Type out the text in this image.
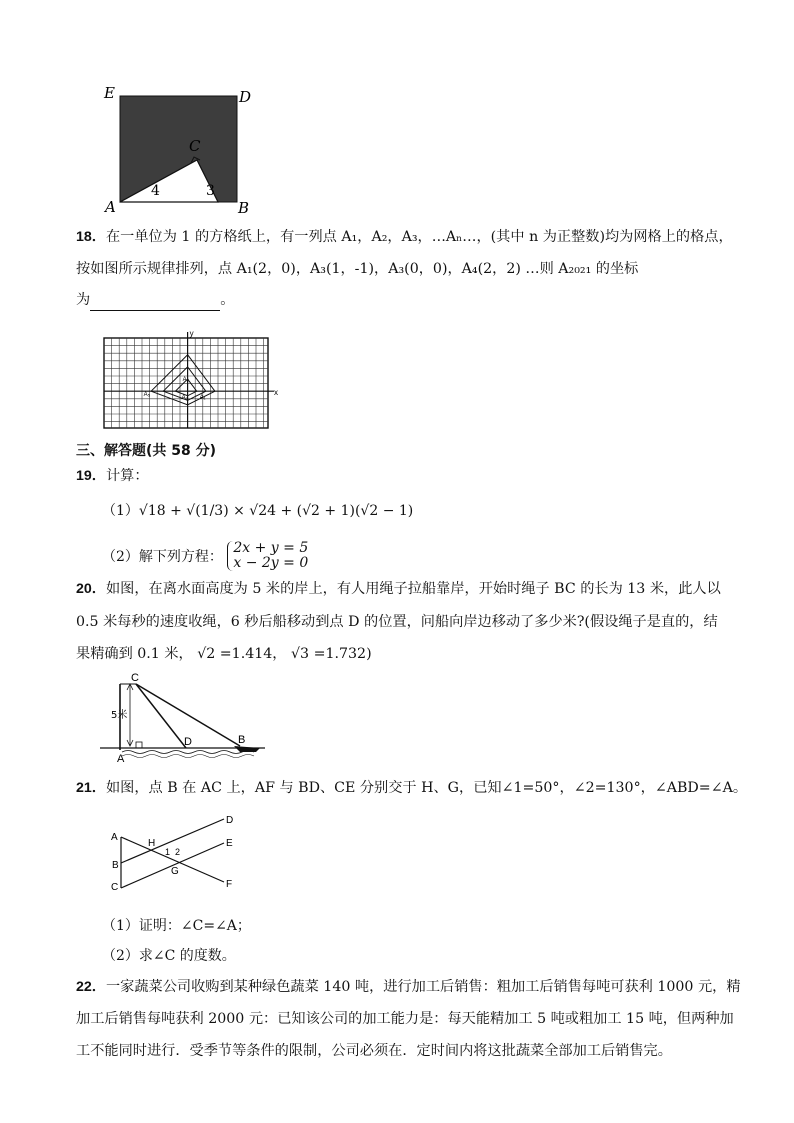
E	D
C
A	B
4	3
18．在一单位为 1 的方格纸上，有一列点 A₁，A₂，A₃，…Aₙ…，(其中 n 为正整数)均为网格上的格点，
按如图所示规律排列，点 A₁(2，0)，A₃(1，-1)，A₃(0，0)，A₄(2，2) …则 A₂₀₂₁ 的坐标
为	。
y
x
A₁
A₂
A₃
A₅
三、解答题(共 58 分)
19．计算：
（1）√18 + √(1/3) × √24 + (√2 + 1)(√2 − 1)
（2）解下列方程：
2x + y = 5
x − 2y = 0
20．如图，在离水面高度为 5 米的岸上，有人用绳子拉船靠岸，开始时绳子 BC 的长为 13 米，此人以
0.5 米每秒的速度收绳，6 秒后船移动到点 D 的位置，问船向岸边移动了多少米?(假设绳子是直的，结
果精确到 0.1 米， √2 =1.414， √3 =1.732)
C
D	B
A
5米
21．如图，点 B 在 AC 上，AF 与 BD、CE 分别交于 H、G，已知∠1=50°，∠2=130°，∠ABD=∠A。
A
B
C
D
E
F
H
G
1 2
（1）证明：∠C=∠A；
（2）求∠C 的度数。
22．一家蔬菜公司收购到某种绿色蔬菜 140 吨，进行加工后销售：粗加工后销售每吨可获利 1000 元，精
加工后销售每吨获利 2000 元：已知该公司的加工能力是：每天能精加工 5 吨或粗加工 15 吨，但两种加
工不能同时进行．受季节等条件的限制，公司必须在．定时间内将这批蔬菜全部加工后销售完。
